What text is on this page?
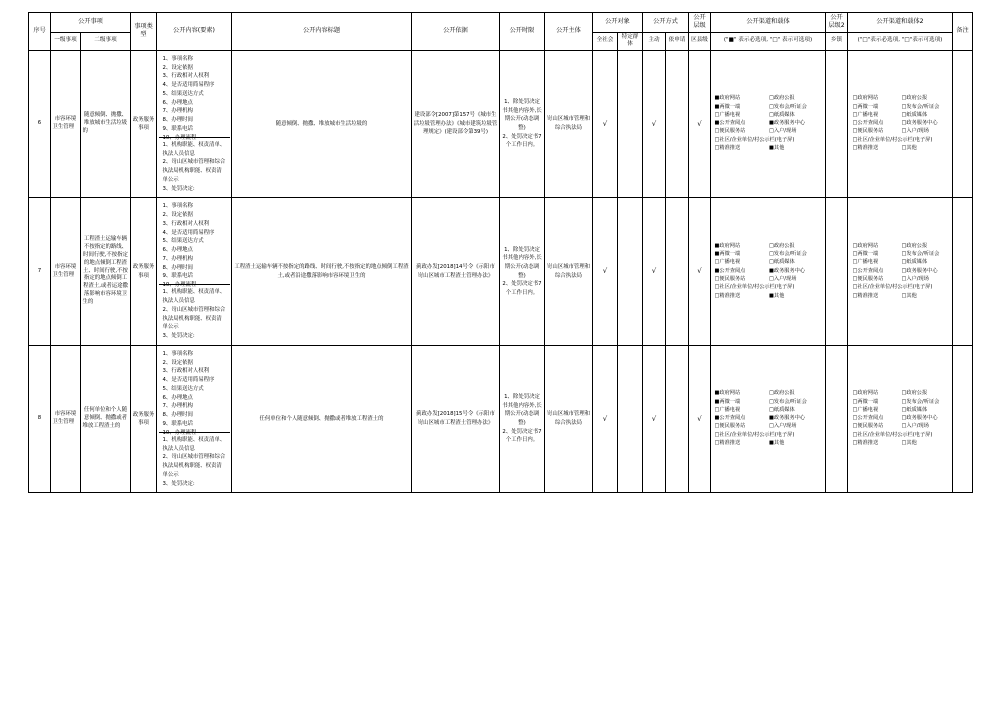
序号	公开事项		事项类型	公开内容(要素)	公开内容标题	公开依据	公开时限	公开主体	公开对象		公开方式		公开层级	公开渠道和载体	公开层级2	公开渠道和载体2	备注
	一级事项	二级事项							全社会	特定群体	主动	依申请	区县级	("■" 表示必选项, "□" 表示可选项)	乡镇	("□"表示必选项, "□"表示可选项)	
6	市容环境卫生管理	随意倾倒、抛撒、堆放城市生活垃圾的	政务服务事项	
1、事项名称
2、设定依据
3、行政相对人权利
4、是否适用简易程序
5、结果送达方式
6、办理地点
7、办理机构
8、办理时间
9、联系电话
10、办理流程
1、机构职能、权责清单、执法人员信息
2、岢山区城市管理和综合执法局机构职能、权责清单公示
3、处罚决定:
	随意倾倒、抛撒、堆放城市生活垃圾的	建设部令[2007]第157号《城市生活垃圾管理办法》《城市建筑垃圾管理规定》(建设部令第39号)	1、除处罚决定书其他内容外,长期公开(动态调整)
2、处罚决定书7个工作日内。	岢山区城市管理和综合执法局	√		√		√	
■政府网站	□政府公报
■两微一端	□发布会/听证会
□广播电视	□纸质媒体
■公开查阅点	■政务服务中心
□便民服务站	□入户/现场
□社区/企业单位/村公示栏(电子屏)
□精准推送	■其他

□政府网站	□政府公报
□两微一端	□发布会/听证会
□广播电视	□纸质媒体
□公开查阅点	□政务服务中心
□便民服务站	□入户/现场
□社区/企业单位/村公示栏(电子屏)
□精准推送	□其他

7	市容环境卫生管理	工程渣土运输车辆不按指定的路线、时间行驶,不按指定的地点倾倒工程渣土、时间行驶,不按指定的地点倾倒工程渣土,或者运途撒落影响市容环境卫生的	政务服务事项	
1、事项名称
2、设定依据
3、行政相对人权利
4、是否适用简易程序
5、结果送达方式
6、办理地点
7、办理机构
8、办理时间
9、联系电话
10、办理流程
1、机构职能、权责清单、执法人员信息
2、岢山区城市管理和综合执法局机构职能、权责清单公示
3、处罚决定:
	工程渣土运输车辆不按指定的路线、时间行驶,不按指定的地点倾倒工程渣土,或者沿途撒落影响市容环境卫生的	蓟政办发[2018]14号令《示阳市岢山区城市工程渣土管理办法》	1、除处罚决定书其他内容外,长期公开(动态调整)
2、处罚决定书7个工作日内。	岢山区城市管理和综合执法局	√		√		√	
■政府网站	□政府公报
■两微一端	□发布会/听证会
□广播电视	□纸质媒体
■公开查阅点	■政务服务中心
□便民服务站	□入户/现场
□社区/企业单位/村公示栏(电子屏)
□精准推送	■其他

□政府网站	□政府公报
□两微一端	□发布会/听证会
□广播电视	□纸质媒体
□公开查阅点	□政务服务中心
□便民服务站	□入户/现场
□社区/企业单位/村公示栏(电子屏)
□精准推送	□其他

8	市容环境卫生管理	任何单位和个人随意倾倒、抛撒或者堆放工程渣土的	政务服务事项	
1、事项名称
2、设定依据
3、行政相对人权利
4、是否适用简易程序
5、结果送达方式
6、办理地点
7、办理机构
8、办理时间
9、联系电话
10、办理流程
1、机构职能、权责清单、执法人员信息
2、岢山区城市管理和综合执法局机构职能、权责清单公示
3、处罚决定:
	任何单位和个人随意倾倒、抛撒或者堆放工程渣土的	蓟政办发[2018]15号令《示阳市岢山区城市工程渣土管理办法》	1、除处罚决定书其他内容外,长期公开(动态调整)
2、处罚决定书7个工作日内。	岢山区城市管理和综合执法局	√		√		√	
■政府网站	□政府公报
■两微一端	□发布会/听证会
□广播电视	□纸质媒体
■公开查阅点	■政务服务中心
□便民服务站	□入户/现场
□社区/企业单位/村公示栏(电子屏)
□精准推送	■其他

□政府网站	□政府公报
□两微一端	□发布会/听证会
□广播电视	□纸质媒体
□公开查阅点	□政务服务中心
□便民服务站	□入户/现场
□社区/企业单位/村公示栏(电子屏)
□精准推送	□其他
